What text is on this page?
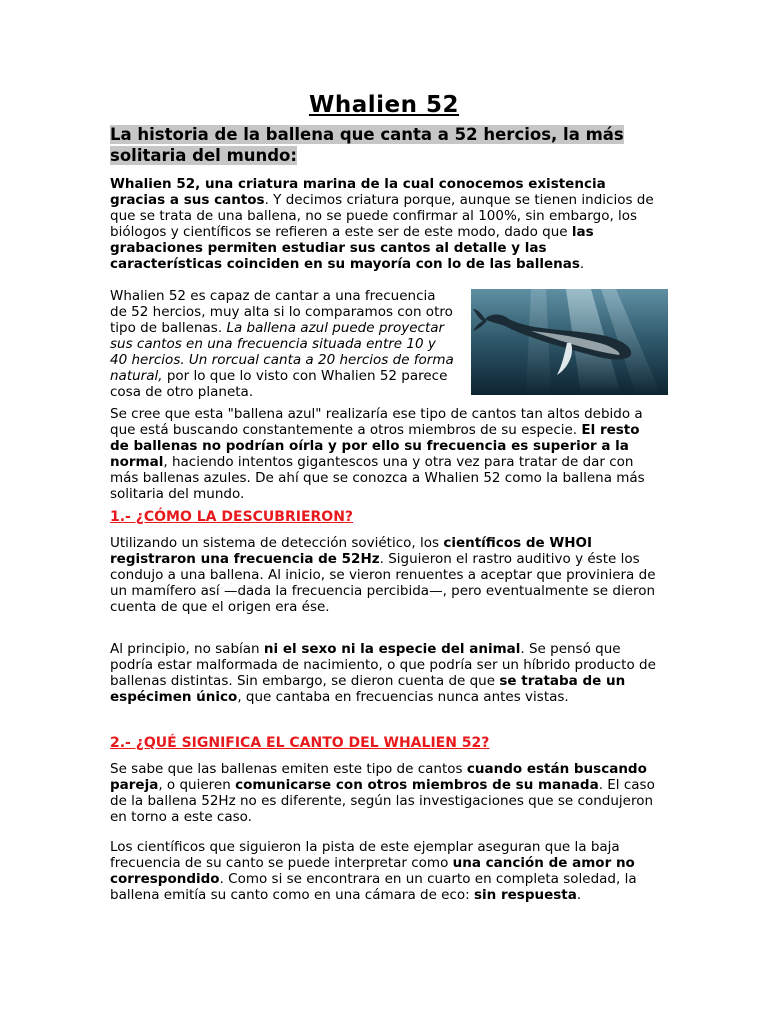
Whalien 52
La historia de la ballena que canta a 52 hercios, la más solitaria del mundo:

Whalien 52, una criatura marina de la cual conocemos existencia gracias a sus cantos. Y decimos criatura porque, aunque se tienen indicios de que se trata de una ballena, no se puede confirmar al 100%, sin embargo, los biólogos y científicos se refieren a este ser de este modo, dado que las grabaciones permiten estudiar sus cantos al detalle y las características coinciden en su mayoría con lo de las ballenas.

Whalien 52 es capaz de cantar a una frecuencia de 52 hercios, muy alta si lo comparamos con otro tipo de ballenas. La ballena azul puede proyectar sus cantos en una frecuencia situada entre 10 y 40 hercios. Un rorcual canta a 20 hercios de forma natural, por lo que lo visto con Whalien 52 parece cosa de otro planeta.

Se cree que esta "ballena azul" realizaría ese tipo de cantos tan altos debido a que está buscando constantemente a otros miembros de su especie. El resto de ballenas no podrían oírla y por ello su frecuencia es superior a la normal, haciendo intentos gigantescos una y otra vez para tratar de dar con más ballenas azules. De ahí que se conozca a Whalien 52 como la ballena más solitaria del mundo.

1.- ¿CÓMO LA DESCUBRIERON?

Utilizando un sistema de detección soviético, los científicos de WHOI registraron una frecuencia de 52Hz. Siguieron el rastro auditivo y éste los condujo a una ballena. Al inicio, se vieron renuentes a aceptar que proviniera de un mamífero así —dada la frecuencia percibida—, pero eventualmente se dieron cuenta de que el origen era ése.

Al principio, no sabían ni el sexo ni la especie del animal. Se pensó que podría estar malformada de nacimiento, o que podría ser un híbrido producto de ballenas distintas. Sin embargo, se dieron cuenta de que se trataba de un espécimen único, que cantaba en frecuencias nunca antes vistas.

2.- ¿QUÉ SIGNIFICA EL CANTO DEL WHALIEN 52?

Se sabe que las ballenas emiten este tipo de cantos cuando están buscando pareja, o quieren comunicarse con otros miembros de su manada. El caso de la ballena 52Hz no es diferente, según las investigaciones que se condujeron en torno a este caso.

Los científicos que siguieron la pista de este ejemplar aseguran que la baja frecuencia de su canto se puede interpretar como una canción de amor no correspondido. Como si se encontrara en un cuarto en completa soledad, la ballena emitía su canto como en una cámara de eco: sin respuesta.
